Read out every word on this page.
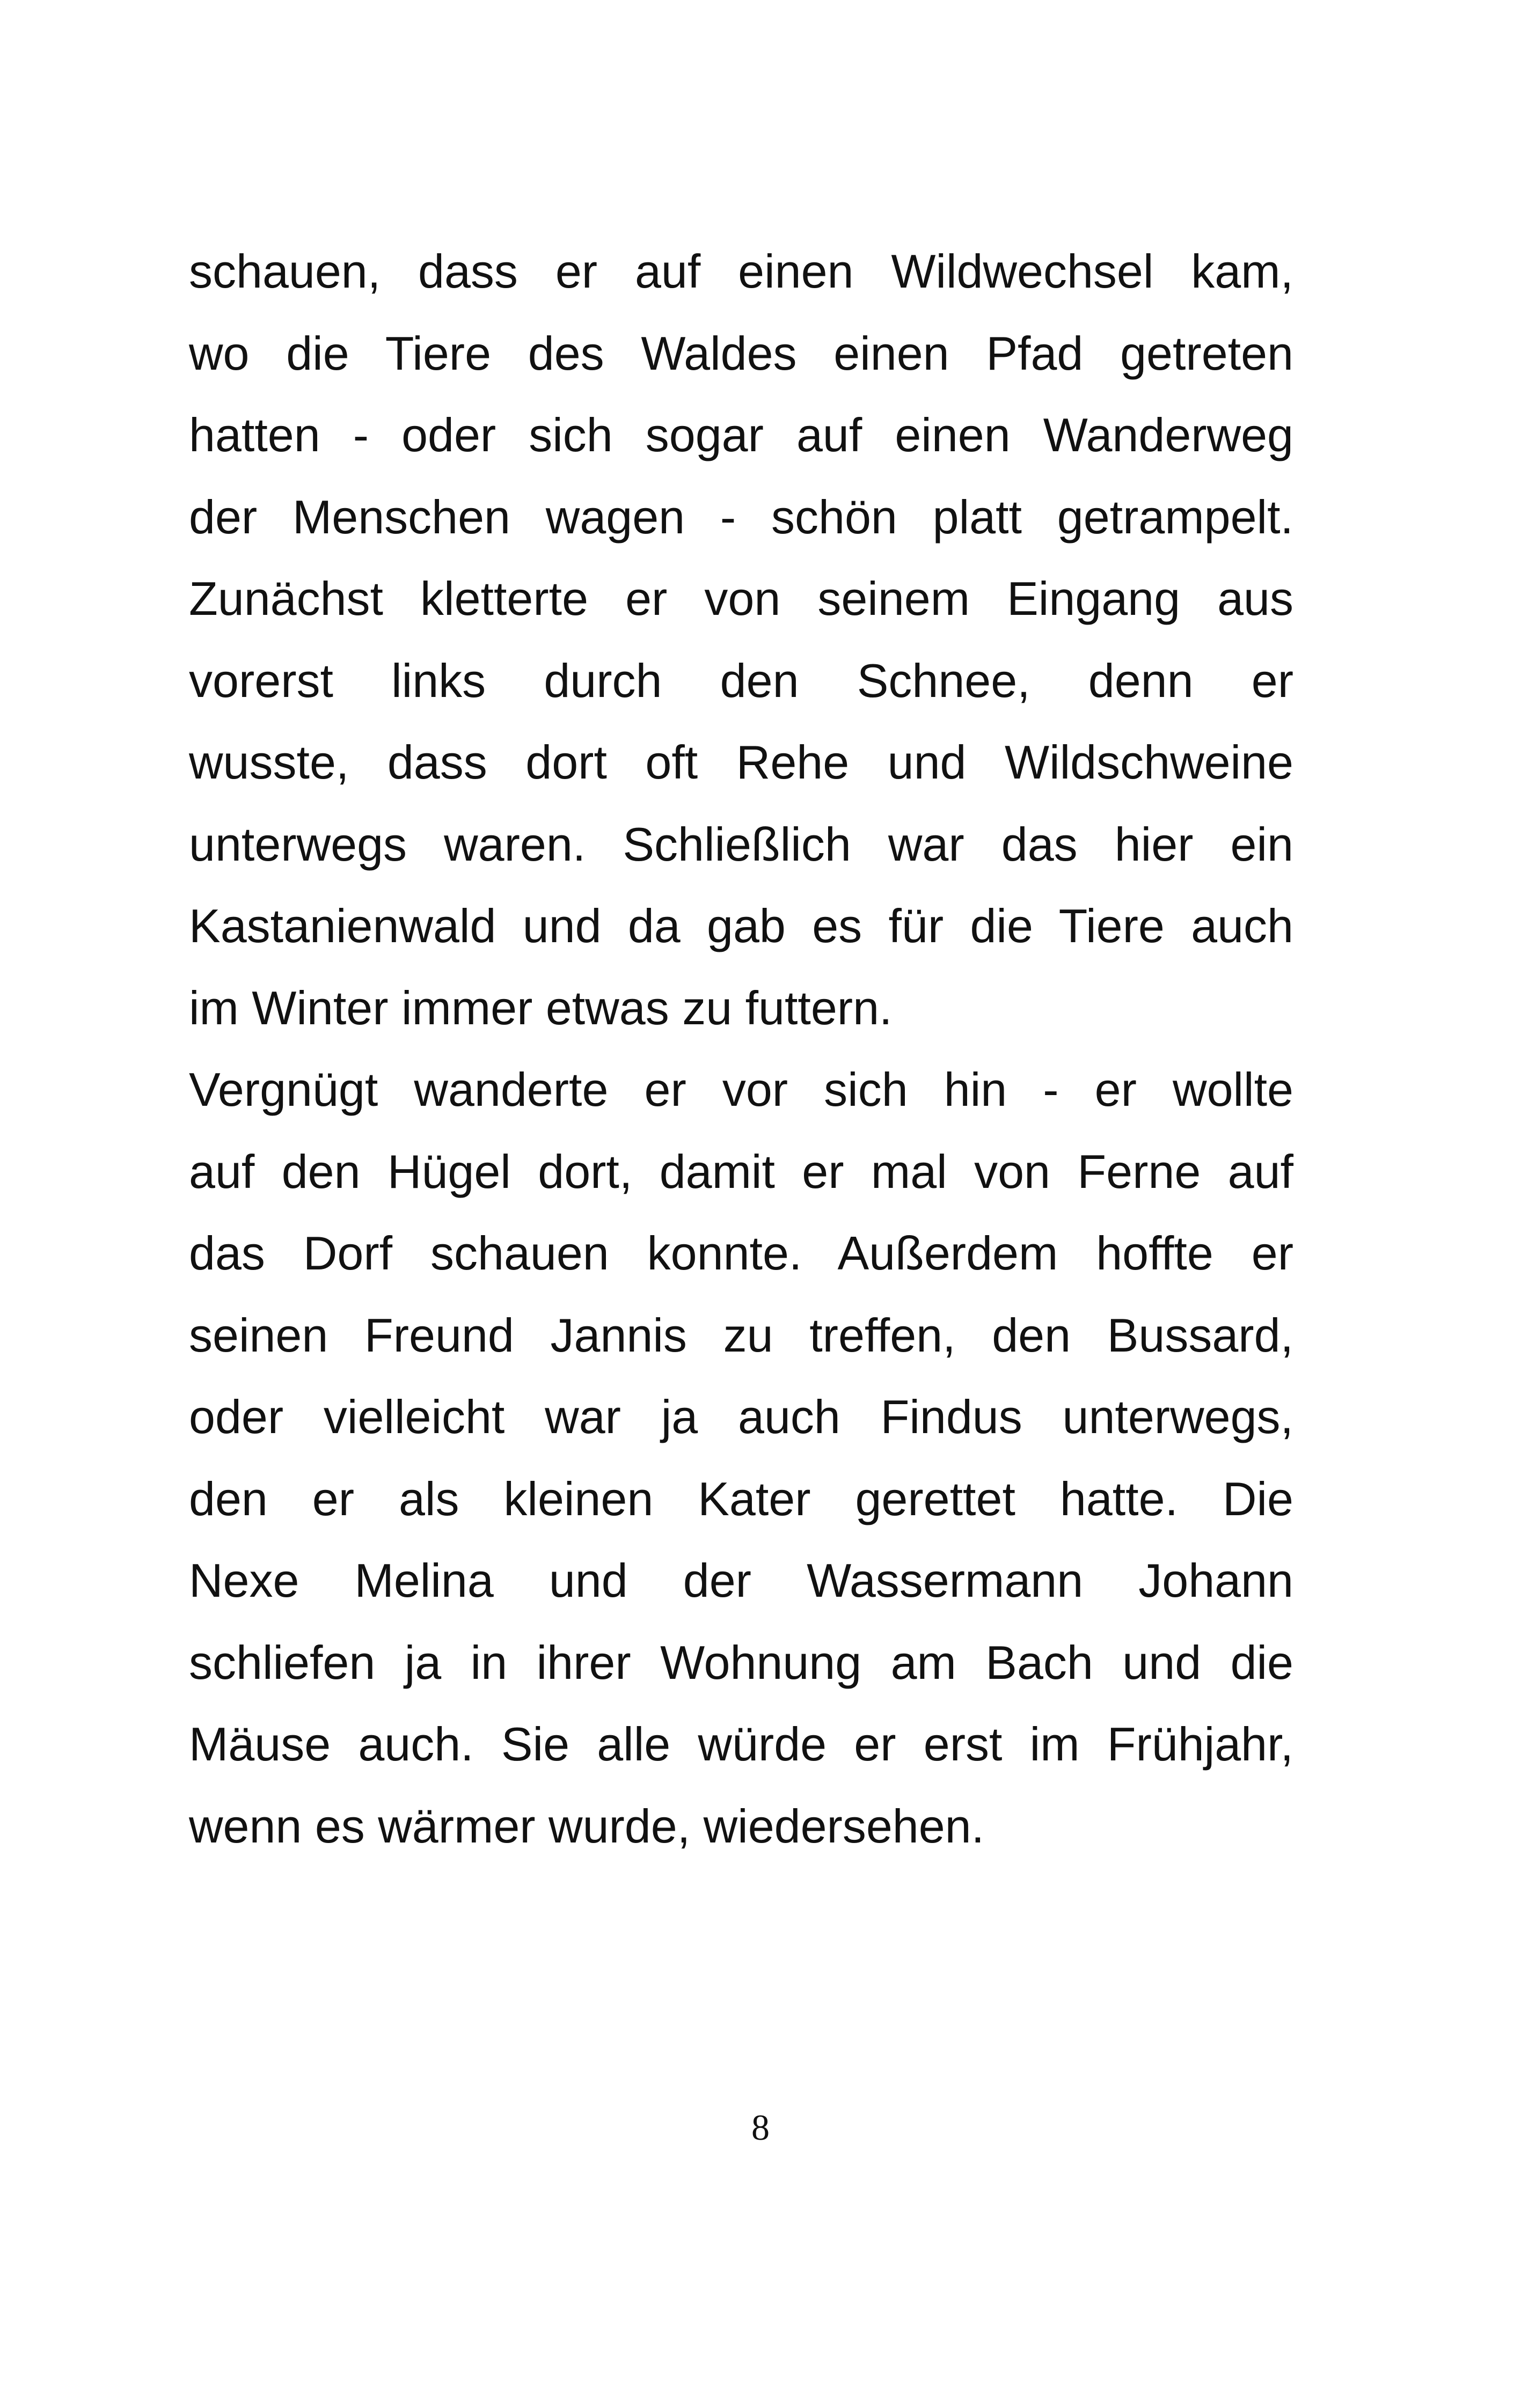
schauen, dass er auf einen Wildwechsel kam,
wo die Tiere des Waldes einen Pfad getreten
hatten - oder sich sogar auf einen Wanderweg
der Menschen wagen - schön platt getrampelt.
Zunächst kletterte er von seinem Eingang aus
vorerst links durch den Schnee, denn er
wusste, dass dort oft Rehe und Wildschweine
unterwegs waren. Schließlich war das hier ein
Kastanienwald und da gab es für die Tiere auch
im Winter immer etwas zu futtern.
Vergnügt wanderte er vor sich hin - er wollte
auf den Hügel dort, damit er mal von Ferne auf
das Dorf schauen konnte. Außerdem hoffte er
seinen Freund Jannis zu treffen, den Bussard,
oder vielleicht war ja auch Findus unterwegs,
den er als kleinen Kater gerettet hatte. Die
Nexe Melina und der Wassermann Johann
schliefen ja in ihrer Wohnung am Bach und die
Mäuse auch. Sie alle würde er erst im Frühjahr,
wenn es wärmer wurde, wiedersehen.
8
